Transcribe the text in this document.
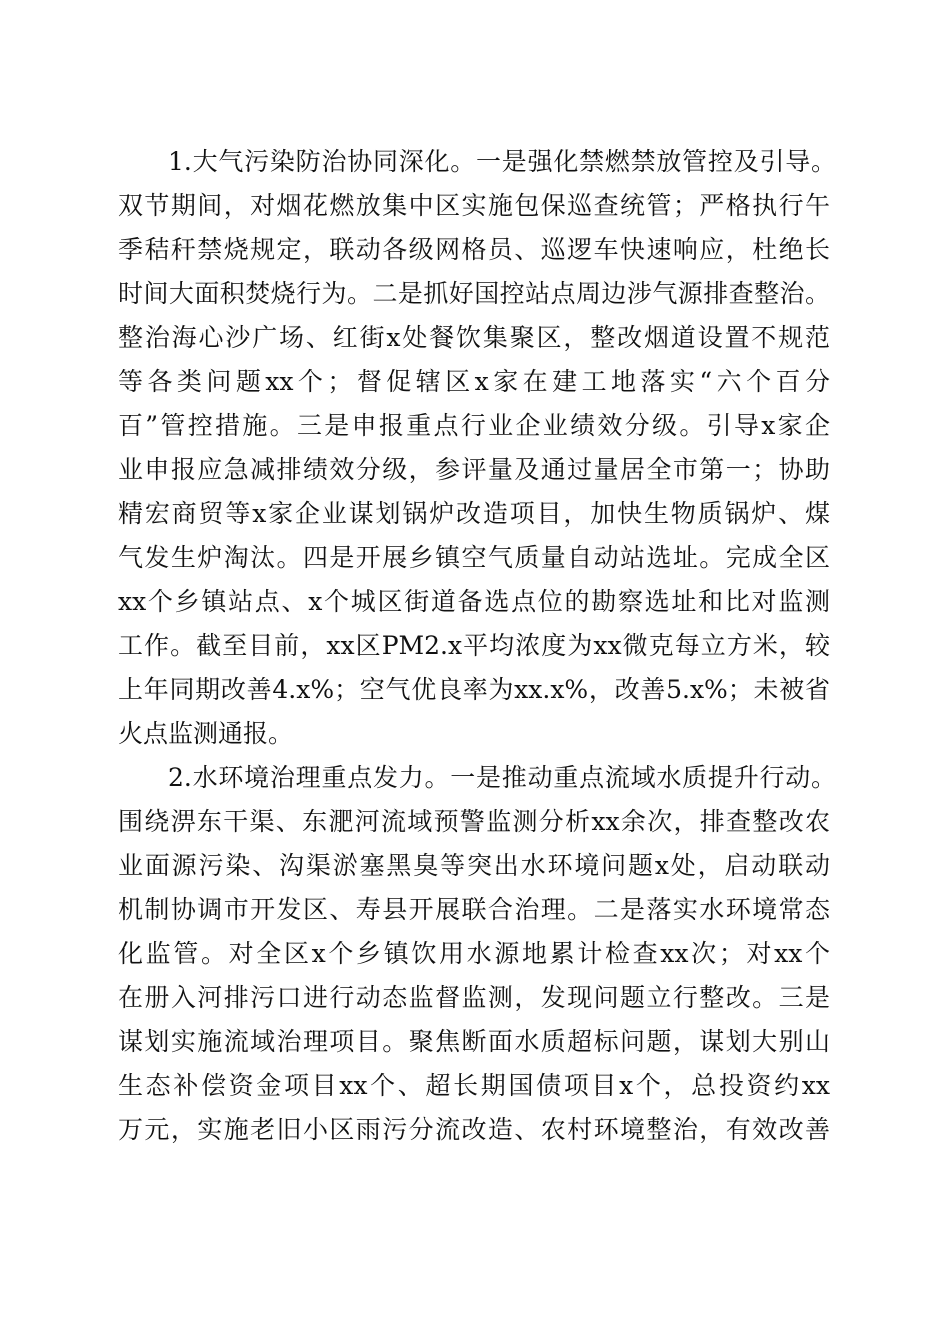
1.大气污染防治协同深化。一是强化禁燃禁放管控及引导。
双节期间，对烟花燃放集中区实施包保巡查统管；严格执行午
季秸秆禁烧规定，联动各级网格员、巡逻车快速响应，杜绝长
时间大面积焚烧行为。二是抓好国控站点周边涉气源排查整治。
整治海心沙广场、红街x处餐饮集聚区，整改烟道设置不规范
等各类问题xx个；督促辖区x家在建工地落实“六个百分
百”管控措施。三是申报重点行业企业绩效分级。引导x家企
业申报应急减排绩效分级，参评量及通过量居全市第一；协助
精宏商贸等x家企业谋划锅炉改造项目，加快生物质锅炉、煤
气发生炉淘汰。四是开展乡镇空气质量自动站选址。完成全区
xx个乡镇站点、x个城区街道备选点位的勘察选址和比对监测
工作。截至目前，xx区PM2.x平均浓度为xx微克每立方米，较
上年同期改善4.x%；空气优良率为xx.x%，改善5.x%；未被省
火点监测通报。
2.水环境治理重点发力。一是推动重点流域水质提升行动。
围绕淠东干渠、东淝河流域预警监测分析xx余次，排查整改农
业面源污染、沟渠淤塞黑臭等突出水环境问题x处，启动联动
机制协调市开发区、寿县开展联合治理。二是落实水环境常态
化监管。对全区x个乡镇饮用水源地累计检查xx次；对xx个
在册入河排污口进行动态监督监测，发现问题立行整改。三是
谋划实施流域治理项目。聚焦断面水质超标问题，谋划大别山
生态补偿资金项目xx个、超长期国债项目x个，总投资约xx
万元，实施老旧小区雨污分流改造、农村环境整治，有效改善
